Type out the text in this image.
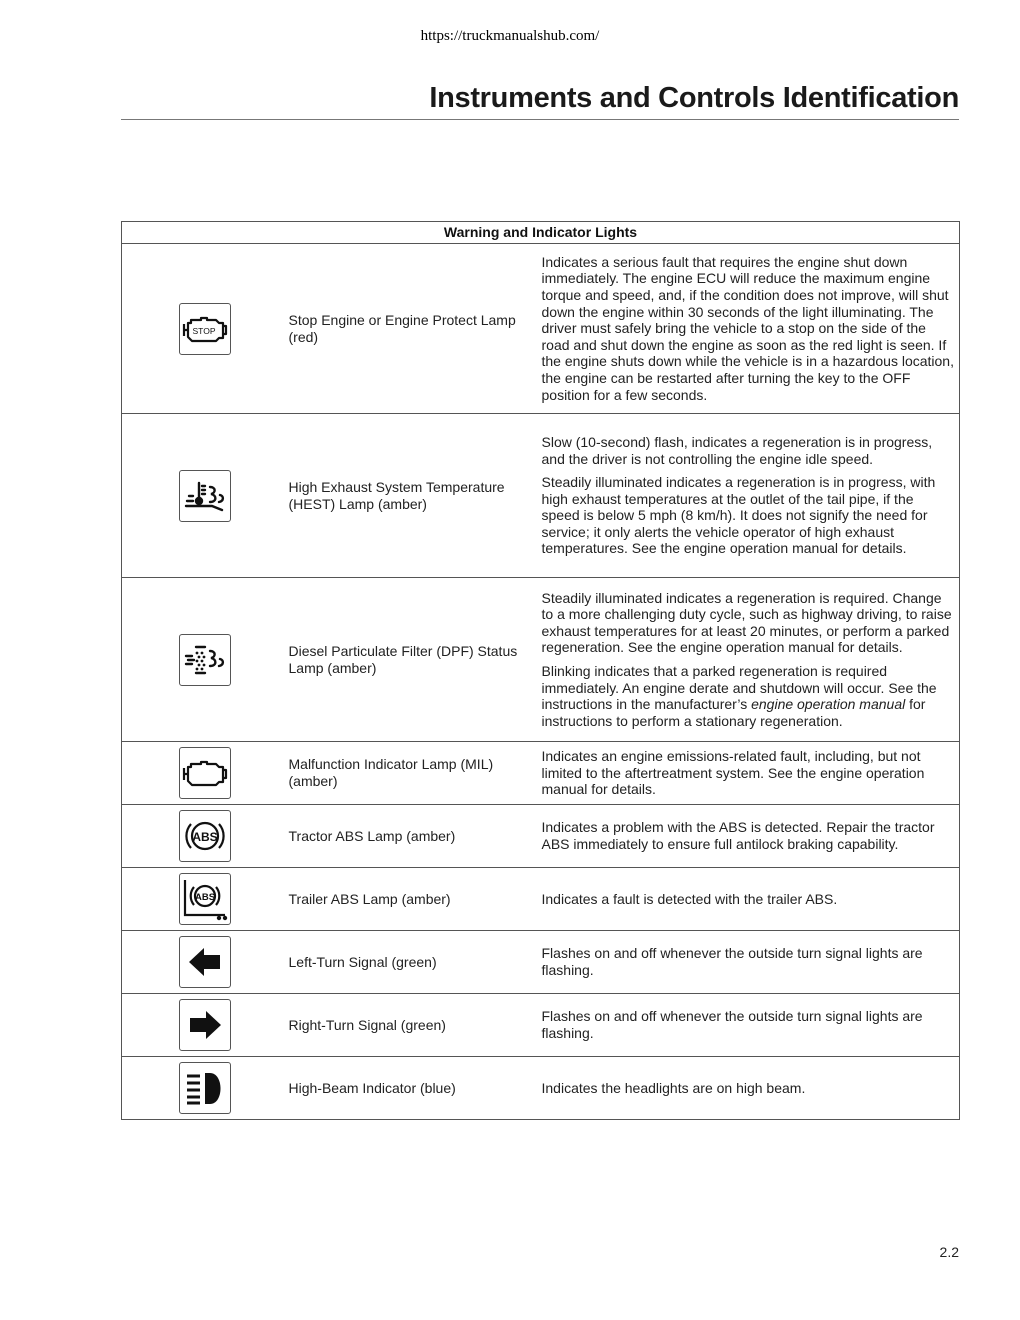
https://truckmanualshub.com/
Instruments and Controls Identification
Warning and Indicator Lights		

STOP	Stop Engine or Engine Protect Lamp (red)	Indicates a serious fault that requires the engine shut down immediately. The engine ECU will reduce the maximum engine torque and speed, and, if the condition does not improve, will shut down the engine within 30 seconds of the light illuminating. The driver must safely bring the vehicle to a stop on the side of the road and shut down the engine as soon as the red light is seen. If the engine shuts down while the vehicle is in a hazardous location, the engine can be restarted after turning the key to the OFF position for a few seconds.

	High Exhaust System Temperature (HEST) Lamp (amber)	Slow (10-second) flash, indicates a regeneration is in progress, and the driver is not controlling the engine idle speed.

Steadily illuminated indicates a regeneration is in progress, with high exhaust temperatures at the outlet of the tail pipe, if the speed is below 5 mph (8 km/h). It does not signify the need for service; it only alerts the vehicle operator of high exhaust temperatures. See the engine operation manual for details.

	Diesel Particulate Filter (DPF) Status Lamp (amber)	Steadily illuminated indicates a regeneration is required. Change to a more challenging duty cycle, such as highway driving, to raise exhaust temperatures for at least 20 minutes, or perform a parked regeneration. See the engine operation manual for details.

Blinking indicates that a parked regeneration is required immediately. An engine derate and shutdown will occur. See the instructions in the manufacturer’s engine operation manual for instructions to perform a stationary regeneration.

	Malfunction Indicator Lamp (MIL) (amber)	Indicates an engine emissions-related fault, including, but not limited to the aftertreatment system. See the engine operation manual for details.

ABS	Tractor ABS Lamp (amber)	Indicates a problem with the ABS is detected. Repair the tractor ABS immediately to ensure full antilock braking capability.

ABS	Trailer ABS Lamp (amber)	Indicates a fault is detected with the trailer ABS.

	Left-Turn Signal (green)	Flashes on and off whenever the outside turn signal lights are flashing.

	Right-Turn Signal (green)	Flashes on and off whenever the outside turn signal lights are flashing.

	High-Beam Indicator (blue)	Indicates the headlights are on high beam.

2.2
